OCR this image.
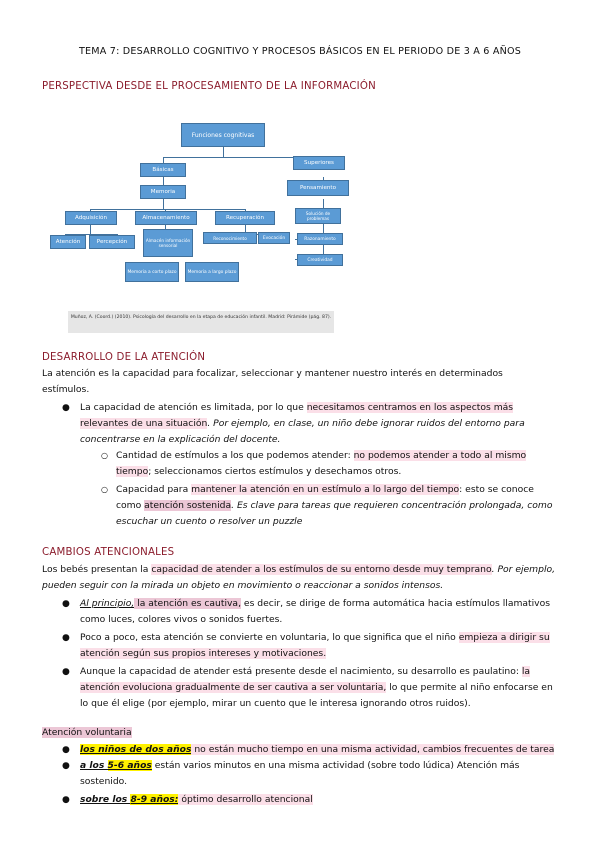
TEMA 7: DESARROLLO COGNITIVO Y PROCESOS BÁSICOS EN EL PERIODO DE 3 A 6 AÑOS
PERSPECTIVA DESDE EL PROCESAMIENTO DE LA INFORMACIÓN
Funciones cognitivas
Básicas
Superiores
Memoria
Pensamiento
Adquisición	Almacenamiento	Recuperación
Solución de problemas
Atención	Percepción	Almacén información sensorial
Reconocimiento	Evocación	Razonamiento
Creatividad
Memoria a corto plazo	Memoria a largo plazo
Muñoz, A. (Coord.) (2010). Psicología del desarrollo en la etapa de educación infantil. Madrid: Pirámide (pág. 87).
DESARROLLO DE LA ATENCIÓN
La atención es la capacidad para focalizar, seleccionar y mantener nuestro interés en determinados
estímulos.
● La capacidad de atención es limitada, por lo que necesitamos centramos en los aspectos más
relevantes de una situación. Por ejemplo, en clase, un niño debe ignorar ruidos del entorno para
concentrarse en la explicación del docente.
○ Cantidad de estímulos a los que podemos atender: no podemos atender a todo al mismo
tiempo; seleccionamos ciertos estímulos y desechamos otros.
○ Capacidad para mantener la atención en un estímulo a lo largo del tiempo: esto se conoce
como atención sostenida. Es clave para tareas que requieren concentración prolongada, como
escuchar un cuento o resolver un puzzle
CAMBIOS ATENCIONALES
Los bebés presentan la capacidad de atender a los estímulos de su entorno desde muy temprano. Por ejemplo,
pueden seguir con la mirada un objeto en movimiento o reaccionar a sonidos intensos.
● Al principio, la atención es cautiva, es decir, se dirige de forma automática hacia estímulos llamativos
como luces, colores vivos o sonidos fuertes.
● Poco a poco, esta atención se convierte en voluntaria, lo que significa que el niño empieza a dirigir su
atención según sus propios intereses y motivaciones.
● Aunque la capacidad de atender está presente desde el nacimiento, su desarrollo es paulatino: la
atención evoluciona gradualmente de ser cautiva a ser voluntaria, lo que permite al niño enfocarse en
lo que él elige (por ejemplo, mirar un cuento que le interesa ignorando otros ruidos).
Atención voluntaria
● los niños de dos años no están mucho tiempo en una misma actividad, cambios frecuentes de tarea
● a los 5-6 años están varios minutos en una misma actividad (sobre todo lúdica) Atención más
sostenido.
● sobre los 8-9 años: óptimo desarrollo atencional
